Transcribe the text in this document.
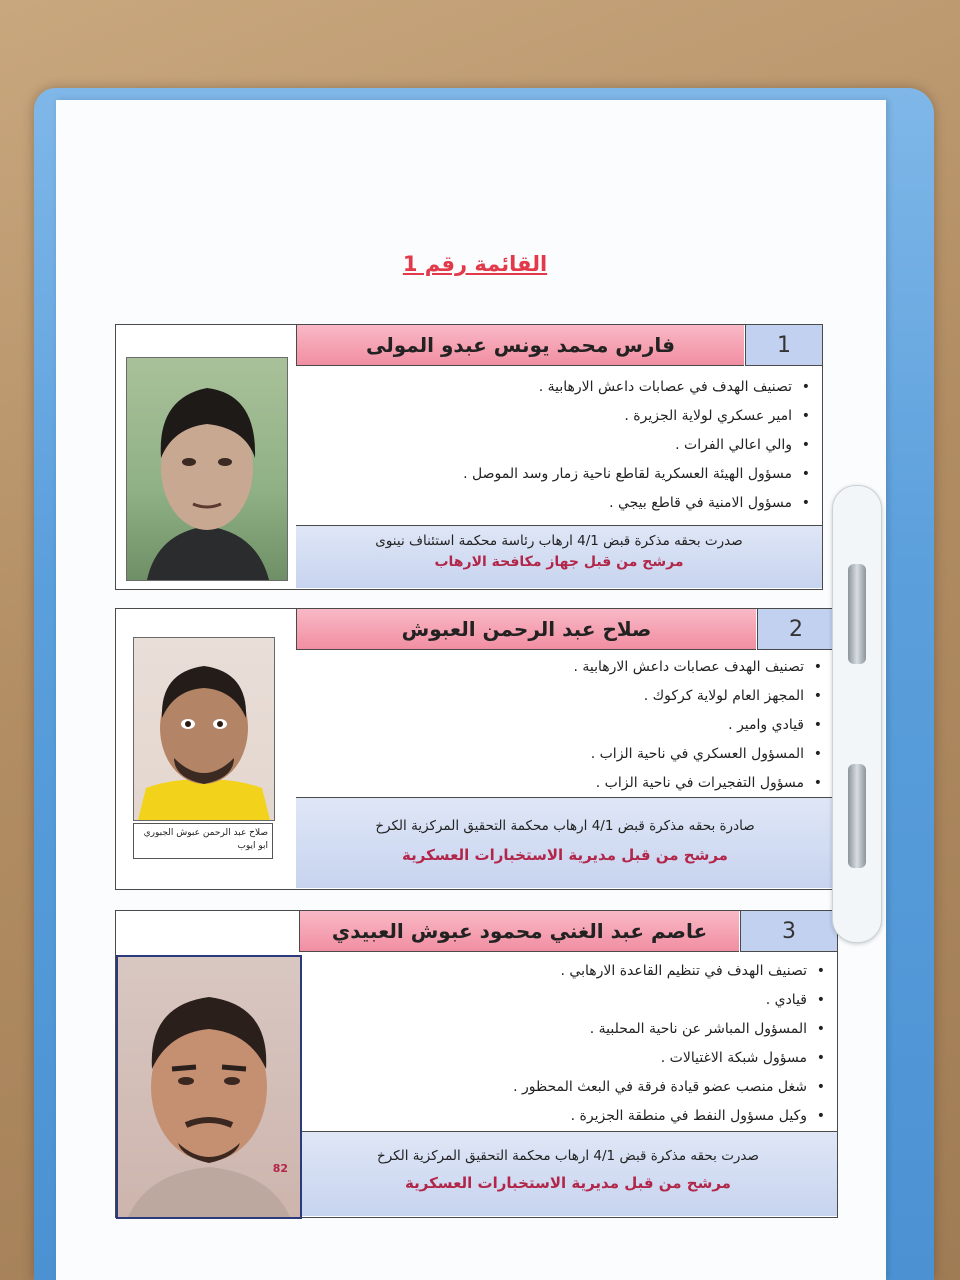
القائمة رقم 1
1
فارس محمد يونس عبدو المولى
• تصنيف الهدف في عصابات داعش الارهابية .
• امير عسكري لولاية الجزيرة .
• والي اعالي الفرات .
• مسؤول الهيئة العسكرية لقاطع ناحية زمار وسد الموصل .
• مسؤول الامنية في قاطع بيجي .
صدرت بحقه مذكرة قبض 4/1 ارهاب رئاسة محكمة استئناف نينوى
مرشح من قبل جهاز مكافحة الارهاب
2
صلاح عبد الرحمن العبوش
• تصنيف الهدف عصابات داعش الارهابية .
• المجهز العام لولاية كركوك .
• قيادي وامير .
• المسؤول العسكري في ناحية الزاب .
• مسؤول التفجيرات في ناحية الزاب .
صادرة بحقه مذكرة قبض 4/1 ارهاب محكمة التحقيق المركزية الكرخ
مرشح من قبل مديرية الاستخبارات العسكرية
صلاح عبد الرحمن عبوش الجبوري ابو ايوب
3
عاصم عبد الغني محمود عبوش العبيدي
• تصنيف الهدف في تنظيم القاعدة الارهابي .
• قيادي .
• المسؤول المباشر عن ناحية المحلبية .
• مسؤول شبكة الاغتيالات .
• شغل منصب عضو قيادة فرقة في البعث المحظور .
• وكيل مسؤول النفط في منطقة الجزيرة .
صدرت بحقه مذكرة قبض 4/1 ارهاب محكمة التحقيق المركزية الكرخ
مرشح من قبل مديرية الاستخبارات العسكرية
82
